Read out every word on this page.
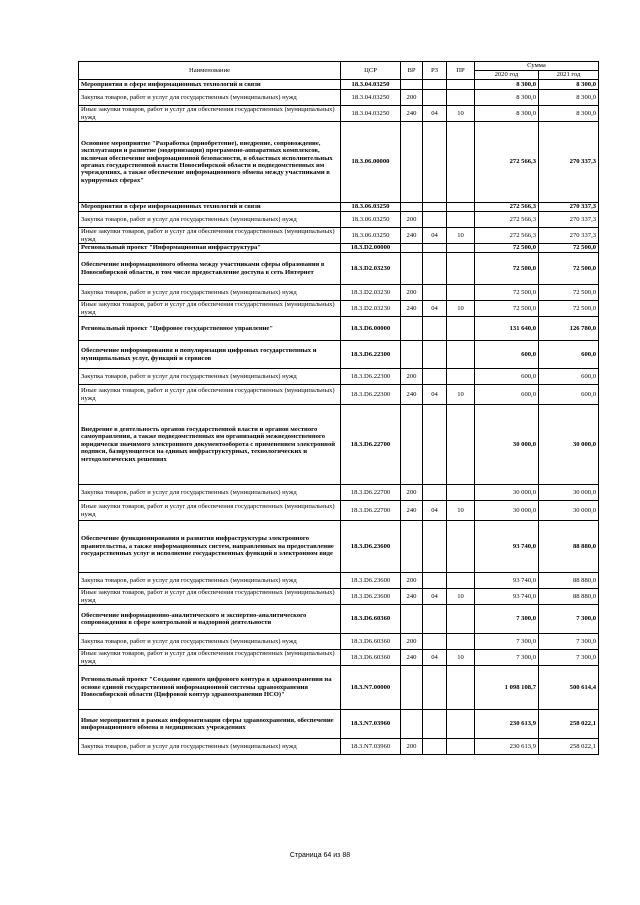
Наименование	ЦСР	ВР	РЗ	ПР	Сумма	
					2020 год	2021 год
Мероприятия в сфере информационных технологий и связи	18.3.04.03250				8 300,0	8 300,0
Закупка товаров, работ и услуг для государственных (муниципальных) нужд	18.3.04.03250	200			8 300,0	8 300,0
Иные закупки товаров, работ и услуг для обеспечения государственных (муниципальных) нужд	18.3.04.03250	240	04	10	8 300,0	8 300,0
Основное мероприятие "Разработка (приобретение), внедрение, сопровождение, эксплуатация и развитие (модернизация) программно-аппаратных комплексов, включая обеспечение информационной безопасности, в областных исполнительных органах государственной власти Новосибирской области и подведомственных им учреждениях, а также обеспечение информационного обмена между участниками в курируемых сферах"	18.3.06.00000				272 566,3	270 337,3
Мероприятия в сфере информационных технологий и связи	18.3.06.03250				272 566,3	270 337,3
Закупка товаров, работ и услуг для государственных (муниципальных) нужд	18.3.06.03250	200			272 566,3	270 337,3
Иные закупки товаров, работ и услуг для обеспечения государственных (муниципальных) нужд	18.3.06.03250	240	04	10	272 566,3	270 337,3
Региональный проект "Информационная инфраструктура"	18.3.D2.00000				72 500,0	72 500,0
Обеспечение информационного обмена между участниками сферы образования в Новосибирской области, в том числе предоставление доступа в сеть Интернет	18.3.D2.03230				72 500,0	72 500,0
Закупка товаров, работ и услуг для государственных (муниципальных) нужд	18.3.D2.03230	200			72 500,0	72 500,0
Иные закупки товаров, работ и услуг для обеспечения государственных (муниципальных) нужд	18.3.D2.03230	240	04	10	72 500,0	72 500,0
Региональный проект "Цифровое государственное управление"	18.3.D6.00000				131 640,0	126 780,0
Обеспечение информирования и популяризации цифровых государственных и муниципальных услуг, функций и сервисов	18.3.D6.22300				600,0	600,0
Закупка товаров, работ и услуг для государственных (муниципальных) нужд	18.3.D6.22300	200			600,0	600,0
Иные закупки товаров, работ и услуг для обеспечения государственных (муниципальных) нужд	18.3.D6.22300	240	04	10	600,0	600,0
Внедрение в деятельность органов государственной власти и органов местного самоуправления, а также подведомственных им организаций межведомственного юридически значимого электронного документооборота с применением электронной подписи, базирующегося на единых инфраструктурных, технологических и методологических решениях	18.3.D6.22700				30 000,0	30 000,0
Закупка товаров, работ и услуг для государственных (муниципальных) нужд	18.3.D6.22700	200			30 000,0	30 000,0
Иные закупки товаров, работ и услуг для обеспечения государственных (муниципальных) нужд	18.3.D6.22700	240	04	10	30 000,0	30 000,0
Обеспечение функционирования и развития инфраструктуры электронного правительства, а также информационных систем, направленных на предоставление государственных услуг и исполнение государственных функций в электронном виде	18.3.D6.23600				93 740,0	88 880,0
Закупка товаров, работ и услуг для государственных (муниципальных) нужд	18.3.D6.23600	200			93 740,0	88 880,0
Иные закупки товаров, работ и услуг для обеспечения государственных (муниципальных) нужд	18.3.D6.23600	240	04	10	93 740,0	88 880,0
Обеспечение информационно-аналитического и экспертно-аналитического сопровождения в сфере контрольной и надзорной деятельности	18.3.D6.60360				7 300,0	7 300,0
Закупка товаров, работ и услуг для государственных (муниципальных) нужд	18.3.D6.60360	200			7 300,0	7 300,0
Иные закупки товаров, работ и услуг для обеспечения государственных (муниципальных) нужд	18.3.D6.60360	240	04	10	7 300,0	7 300,0
Региональный проект "Создание единого цифрового контура в здравоохранении на основе единой государственной информационной системы здравоохранения Новосибирской области (Цифровой контур здравоохранения НСО)"	18.3.N7.00000				1 098 108,7	500 614,4
Иные мероприятия в рамках информатизации сферы здравоохранения, обеспечение информационного обмена в медицинских учреждениях	18.3.N7.03960				230 613,9	258 022,1
Закупка товаров, работ и услуг для государственных (муниципальных) нужд	18.3.N7.03960	200			230 613,9	258 022,1
Страница 64 из 88
